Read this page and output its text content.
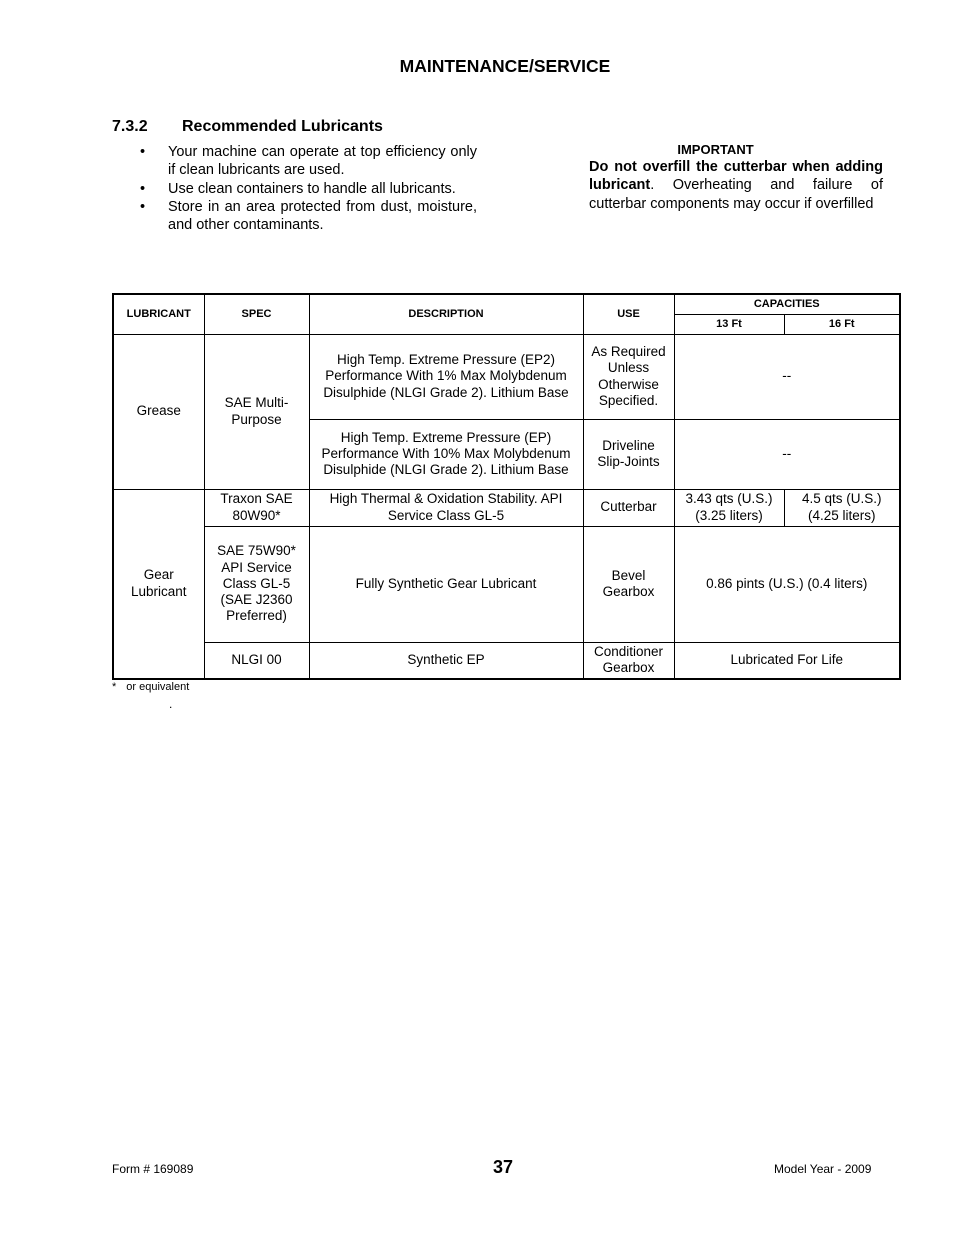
MAINTENANCE/SERVICE
7.3.2 Recommended Lubricants
• Your machine can operate at top efficiency only if clean lubricants are used.
• Use clean containers to handle all lubricants.
• Store in an area protected from dust, moisture, and other contaminants.
IMPORTANT
Do not overfill the cutterbar when adding lubricant. Overheating and failure of cutterbar components may occur if overfilled
LUBRICANT	SPEC	DESCRIPTION	USE	CAPACITIES	
				13 Ft	16 Ft
Grease	SAE Multi-Purpose	High Temp. Extreme Pressure (EP2) Performance With 1% Max Molybdenum Disulphide (NLGI Grade 2). Lithium Base	As Required Unless Otherwise Specified.	--	
		High Temp. Extreme Pressure (EP) Performance With 10% Max Molybdenum Disulphide (NLGI Grade 2). Lithium Base	Driveline Slip-Joints	--	
Gear Lubricant	Traxon SAE 80W90*	High Thermal & Oxidation Stability. API Service Class GL-5	Cutterbar	3.43 qts (U.S.) (3.25 liters)	4.5 qts (U.S.) (4.25 liters)
	SAE 75W90* API Service Class GL-5 (SAE J2360 Preferred)	Fully Synthetic Gear Lubricant	Bevel Gearbox	0.86 pints (U.S.) (0.4 liters)	
	NLGI 00	Synthetic EP	Conditioner Gearbox	Lubricated For Life	
* or equivalent
.
Form # 169089	37	Model Year - 2009
